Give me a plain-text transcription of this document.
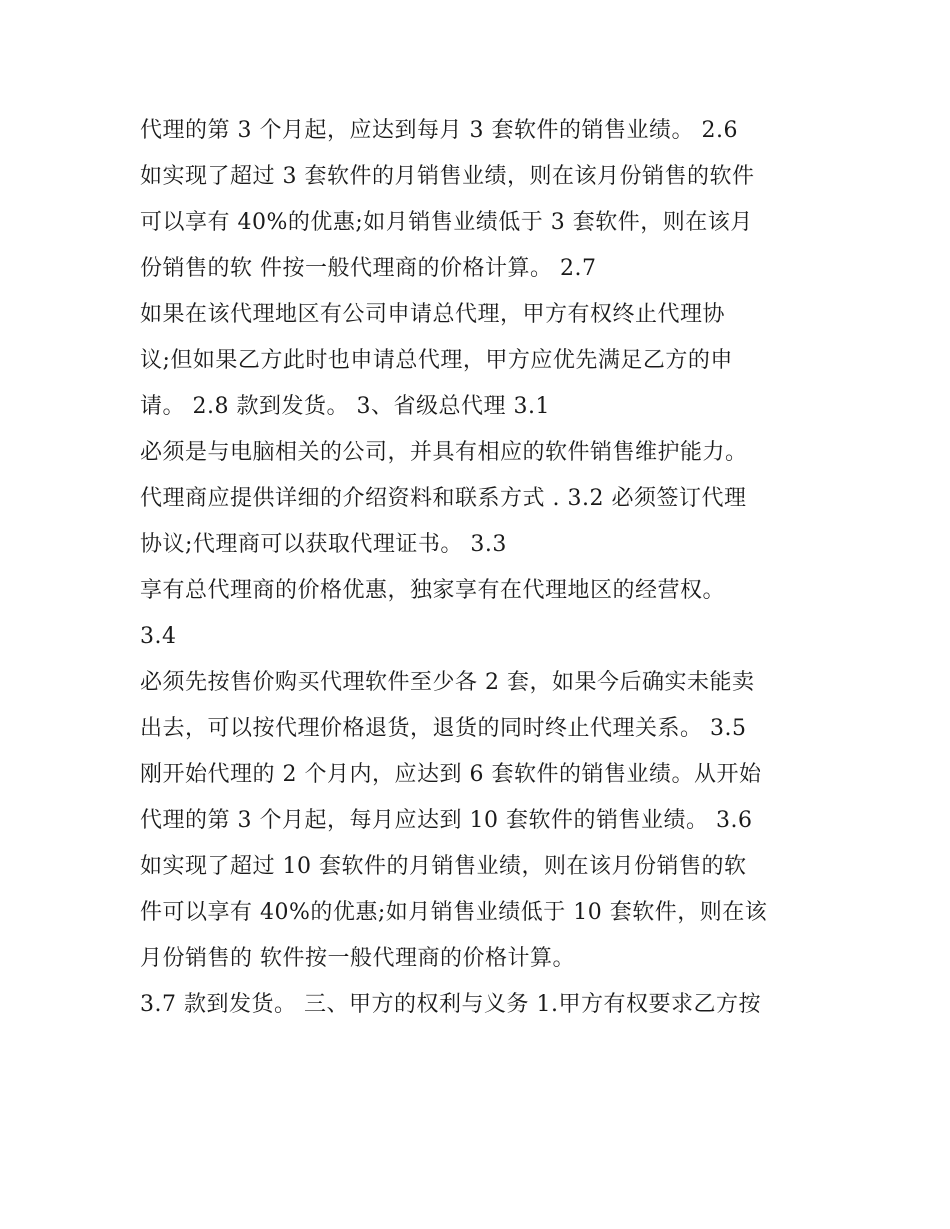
代理的第 3 个月起，应达到每月 3 套软件的销售业绩。 2.6
如实现了超过 3 套软件的月销售业绩，则在该月份销售的软件
可以享有 40%的优惠;如月销售业绩低于 3 套软件，则在该月
份销售的软 件按一般代理商的价格计算。 2.7
如果在该代理地区有公司申请总代理，甲方有权终止代理协
议;但如果乙方此时也申请总代理，甲方应优先满足乙方的申
请。 2.8 款到发货。 3、省级总代理 3.1
必须是与电脑相关的公司，并具有相应的软件销售维护能力。
代理商应提供详细的介绍资料和联系方式 . 3.2 必须签订代理
协议;代理商可以获取代理证书。 3.3
享有总代理商的价格优惠，独家享有在代理地区的经营权。
3.4
必须先按售价购买代理软件至少各 2 套，如果今后确实未能卖
出去，可以按代理价格退货，退货的同时终止代理关系。 3.5
刚开始代理的 2 个月内，应达到 6 套软件的销售业绩。从开始
代理的第 3 个月起，每月应达到 10 套软件的销售业绩。 3.6
如实现了超过 10 套软件的月销售业绩，则在该月份销售的软
件可以享有 40%的优惠;如月销售业绩低于 10 套软件，则在该
月份销售的 软件按一般代理商的价格计算。
3.7 款到发货。 三、甲方的权利与义务 1.甲方有权要求乙方按
